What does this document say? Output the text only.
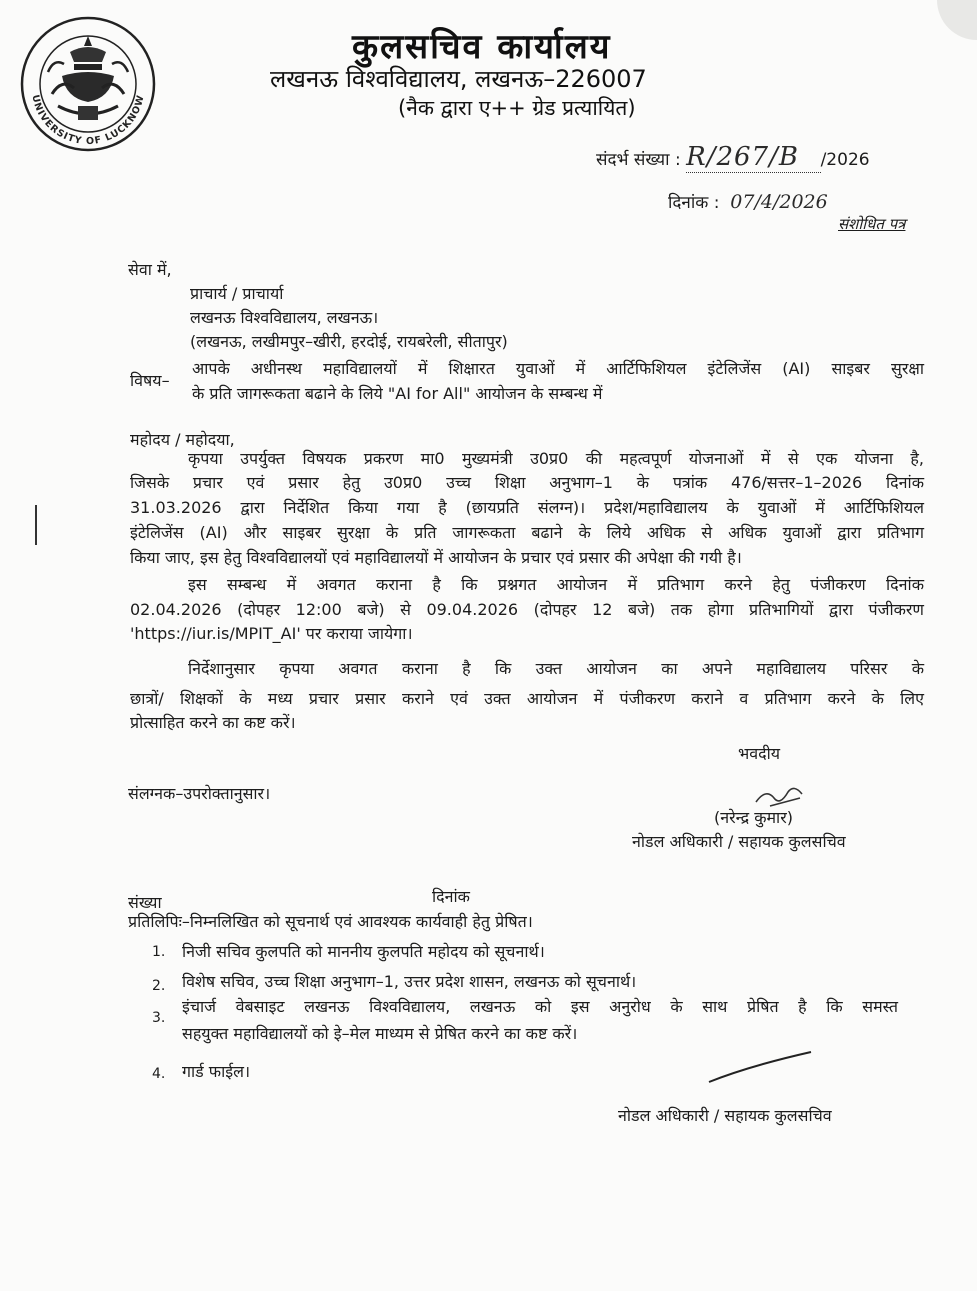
UNIVERSITY OF LUCKNOW
कुलसचिव कार्यालय
लखनऊ विश्वविद्यालय, लखनऊ–226007
(नैक द्वारा ए++ ग्रेड प्रत्यायित)
संदर्भ संख्या : R/267/B /2026
दिनांक : 07/4/2026
संशोधित पत्र
सेवा में,
प्राचार्य / प्राचार्या
लखनऊ विश्वविद्यालय, लखनऊ।
(लखनऊ, लखीमपुर–खीरी, हरदोई, रायबरेली, सीतापुर)
विषय–
आपके अधीनस्थ महाविद्यालयों में शिक्षारत युवाओं में आर्टिफिशियल इंटेलिजेंस (AI) साइबर सुरक्षा
के प्रति जागरूकता बढाने के लिये "AI for All" आयोजन के सम्बन्ध में
महोदय / महोदया,
कृपया उपर्युक्त विषयक प्रकरण मा0 मुख्यमंत्री उ0प्र0 की महत्वपूर्ण योजनाओं में से एक योजना है,
जिसके प्रचार एवं प्रसार हेतु उ0प्र0 उच्च शिक्षा अनुभाग–1 के पत्रांक 476/सत्तर–1–2026 दिनांक
31.03.2026 द्वारा निर्देशित किया गया है (छायप्रति संलग्न)। प्रदेश/महाविद्यालय के युवाओं में आर्टिफिशियल
इंटेलिजेंस (AI) और साइबर सुरक्षा के प्रति जागरूकता बढाने के लिये अधिक से अधिक युवाओं द्वारा प्रतिभाग
किया जाए, इस हेतु विश्वविद्यालयों एवं महाविद्यालयों में आयोजन के प्रचार एवं प्रसार की अपेक्षा की गयी है।
इस सम्बन्ध में अवगत कराना है कि प्रश्नगत आयोजन में प्रतिभाग करने हेतु पंजीकरण दिनांक
02.04.2026 (दोपहर 12:00 बजे) से 09.04.2026 (दोपहर 12 बजे) तक होगा प्रतिभागियों द्वारा पंजीकरण
'https://iur.is/MPIT_AI' पर कराया जायेगा।
निर्देशानुसार कृपया अवगत कराना है कि उक्त आयोजन का अपने महाविद्यालय परिसर के
छात्रों/ शिक्षकों के मध्य प्रचार प्रसार कराने एवं उक्त आयोजन में पंजीकरण कराने व प्रतिभाग करने के लिए
प्रोत्साहित करने का कष्ट करें।
भवदीय
संलग्नक–उपरोक्तानुसार।
(नरेन्द्र कुमार)
नोडल अधिकारी / सहायक कुलसचिव
संख्या	दिनांक
प्रतिलिपिः–निम्नलिखित को सूचनार्थ एवं आवश्यक कार्यवाही हेतु प्रेषित।
1. निजी सचिव कुलपति को माननीय कुलपति महोदय को सूचनार्थ।
2. विशेष सचिव, उच्च शिक्षा अनुभाग–1, उत्तर प्रदेश शासन, लखनऊ को सूचनार्थ।
3.
इंचार्ज वेबसाइट लखनऊ विश्वविद्यालय, लखनऊ को इस अनुरोध के साथ प्रेषित है कि समस्त
सहयुक्त महाविद्यालयों को इे–मेल माध्यम से प्रेषित करने का कष्ट करें।
4. गार्ड फाईल।
नोडल अधिकारी / सहायक कुलसचिव
